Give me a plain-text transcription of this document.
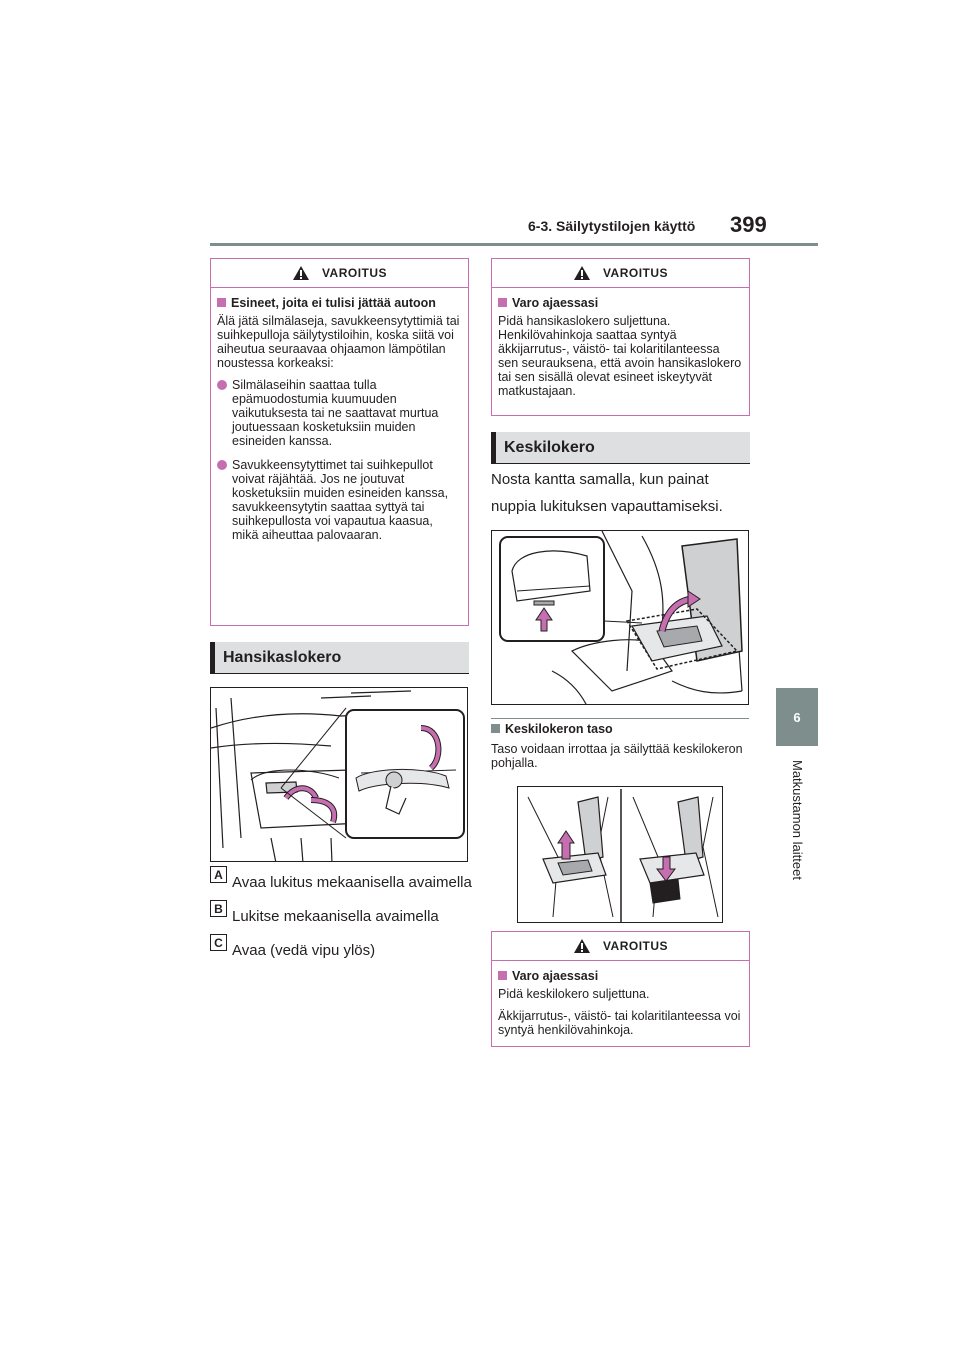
6-3. Säilytystilojen käyttö 399
6
Matkustamon laitteet
VAROITUS
Esineet, joita ei tulisi jättää autoon
Älä jätä silmälaseja, savukkeensytyttimiä tai suihkepulloja säilytystiloihin, koska siitä voi aiheutua seuraavaa ohjaamon lämpötilan noustessa korkeaksi:
Silmälaseihin saattaa tulla epämuodostumia kuumuuden vaikutuksesta tai ne saattavat murtua joutuessaan kosketuksiin muiden esineiden kanssa.
Savukkeensytyttimet tai suihkepullot voivat räjähtää. Jos ne joutuvat kosketuksiin muiden esineiden kanssa, savukkeensytytin saattaa syttyä tai suihkepullosta voi vapautua kaasua, mikä aiheuttaa palovaaran.
Hansikaslokero
A Avaa lukitus mekaanisella avaimella
B Lukitse mekaanisella avaimella
C Avaa (vedä vipu ylös)
VAROITUS
Varo ajaessasi
Pidä hansikaslokero suljettuna. Henkilövahinkoja saattaa syntyä äkkijarrutus-, väistö- tai kolaritilanteessa sen seurauksena, että avoin hansikaslokero tai sen sisällä olevat esineet iskeytyvät matkustajaan.
Keskilokero
Nosta kantta samalla, kun painat nuppia lukituksen vapauttamiseksi.
Keskilokeron taso
Taso voidaan irrottaa ja säilyttää keskilokeron pohjalla.
VAROITUS
Varo ajaessasi
Pidä keskilokero suljettuna.
Äkkijarrutus-, väistö- tai kolaritilanteessa voi syntyä henkilövahinkoja.
